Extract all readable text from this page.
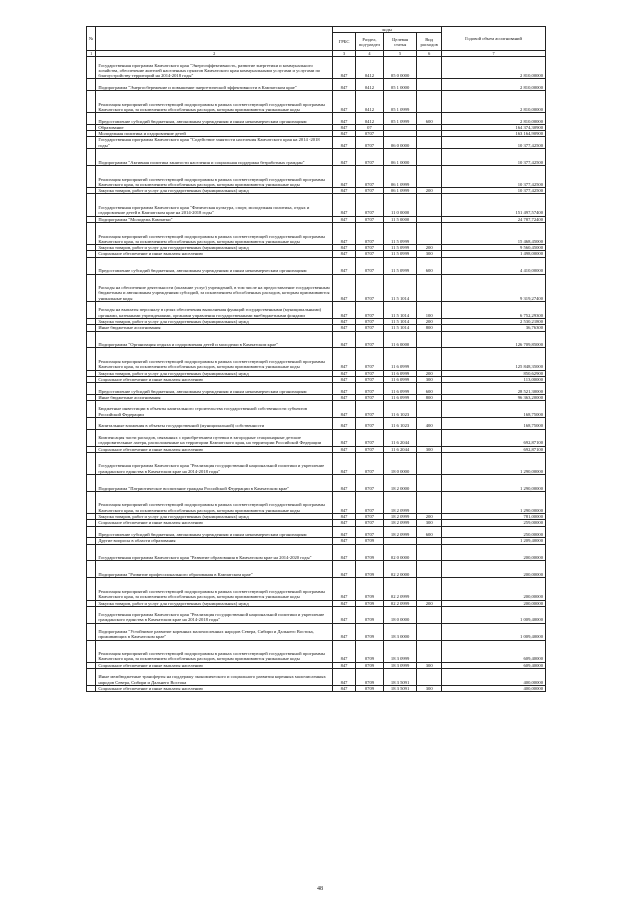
№		коды				Годовой объем ассигнований
		ГРБС	Раздел, под-раздел	Целевая статья	Вид расходов	
1	2	3	4	5	6	7
	Государственная программа Камчатского края "Энергоэффективность, развитие энергетики и коммунального хозяйства, обеспечение жителей населенных пунктов Камчатского края коммунальными услугами и услугами по благоустройству территорий на 2014-2018 годы"	847	0412	05 0 0000		2 810,00000
	Подпрограмма "Энергосбережение и повышение энергетической эффективности в Камчатском крае"	847	0412	05 1 0000		2 810,00000
	Реализация мероприятий соответствующей подпрограммы в рамках соответствующей государственной программы Камчатского края, за исключением обособленных расходов, которым присваиваются уникальные коды	847	0412	05 1 0999		2 810,00000
	Предоставление субсидий бюджетным, автономным учреждениям и иным некоммерческим организациям	847	0412	05 1 0999	600	2 810,00000
	Образование	847	07			164 374,30900
	Молодежная политика и оздоровление детей	847	0707			163 164,90900
	Государственная программа Камчатского края "Содействие занятости населения Камчатского края на 2014 -2018 годы"	847	0707	06 0 0000		10 377,42500
	Подпрограмма "Активная политика занятости населения и социальная поддержка безработных граждан"	847	0707	06 1 0000		10 377,42500
	Реализация мероприятий соответствующей подпрограммы в рамках соответствующей государственной программы Камчатского края, за исключением обособленных расходов, которым присваиваются уникальные коды	847	0707	06 1 0999		10 377,42500
	Закупка товаров, работ и услуг для государственных (муниципальных) нужд	847	0707	06 1 0999	200	10 377,42500
	Государственная программа Камчатского края "Физическая культура, спорт, молодежная политика, отдых и оздоровление детей в Камчатском крае на 2014-2018 годы"	847	0707	11 0 0000		151 497,57400
	Подпрограмма "Молодежь Камчатки"	847	0707	11 5 0000		24 787,72400
	Реализация мероприятий соответствующей подпрограммы в рамках соответствующей государственной программы Камчатского края, за исключением обособленных расходов, которым присваиваются уникальные коды	847	0707	11 5 0999		15 468,45000
	Закупка товаров, работ и услуг для государственных (муниципальных) нужд	847	0707	11 5 0999	200	9 560,45000
	Социальное обеспечение и иные выплаты населению	847	0707	11 5 0999	300	1 498,00000
	Предоставление субсидий бюджетным, автономным учреждениям и иным некоммерческим организациям	847	0707	11 5 0999	600	4 410,00000
	Расходы на обеспечение деятельности (оказание услуг) учреждений, в том числе на предоставление государственным бюджетным и автономным учреждениям субсидий, за исключением обособленных расходов, которым присваиваются уникальные коды	847	0707	11 5 1014		9 319,27400
	Расходы на выплаты персоналу в целях обеспечения выполнения функций государственными (муниципальными) органами, казенными учреждениями, органами управления государственными внебюджетными фондами	847	0707	11 5 1014	100	6 752,29300
	Закупка товаров, работ и услуг для государственных (муниципальных) нужд	847	0707	11 5 1014	200	2 530,21800
	Иные бюджетные ассигнования	847	0707	11 5 1014	800	36,76300
	Подпрограмма "Организация отдыха и оздоровления детей и молодежи в Камчатском крае"	847	0707	11 6 0000		126 709,85000
	Реализация мероприятий соответствующей подпрограммы в рамках соответствующей государственной программы Камчатского края, за исключением обособленных расходов, которым присваиваются уникальные коды	847	0707	11 6 0999		125 848,35000
	Закупка товаров, работ и услуг для государственных (муниципальных) нужд	847	0707	11 6 0999	200	850,62900
	Социальное обеспечение и иные выплаты населению	847	0707	11 6 0999	300	113,00000
	Предоставление субсидий бюджетным, автономным учреждениям и иным некоммерческим организациям	847	0707	11 6 0999	600	28 521,30000
	Иные бюджетные ассигнования	847	0707	11 6 0999	800	96 363,20000
	Бюджетные инвестиции в объекты капитального строительства государственной собственности субъектов Российской Федерации	847	0707	11 6 1023		168,75000
	Капитальные вложения в объекты государственной (муниципальной) собственности	847	0707	11 6 1023	400	168,75000
	Компенсация части расходов, связанных с приобретением путевки в загородные стационарные детские оздоровительные лагеря, расположенные на территории Камчатского края, на территории Российской Федерации	847	0707	11 6 2044		692,87100
	Социальное обеспечение и иные выплаты населению	847	0707	11 6 2044	300	692,87100
	Государственная программа Камчатского края "Реализация государственной национальной политики и укрепление гражданского единства в Камчатском крае на 2014-2018 годы"	847	0707	18 0 0000		1 290,00000
	Подпрограмма "Патриотическое воспитание граждан Российской Федерации в Камчатском крае"	847	0707	18 2 0000		1 290,00000
	Реализация мероприятий соответствующей подпрограммы в рамках соответствующей государственной программы Камчатского края, за исключением обособленных расходов, которым присваиваются уникальные коды	847	0707	18 2 0999		1 290,00000
	Закупка товаров, работ и услуг для государственных (муниципальных) нужд	847	0707	18 2 0999	200	781,00000
	Социальное обеспечение и иные выплаты населению	847	0707	18 2 0999	300	259,00000
	Предоставление субсидий бюджетным, автономным учреждениям и иным некоммерческим организациям	847	0707	18 2 0999	600	250,00000
	Другие вопросы в области образования	847	0709			1 209,40000
	Государственная программа Камчатского края "Развитие образования в Камчатском крае на 2014-2020 годы"	847	0709	02 0 0000		200,00000
	Подпрограмма "Развитие профессионального образования в Камчатском крае"	847	0709	02 2 0000		200,00000
	Реализация мероприятий соответствующей подпрограммы в рамках соответствующей государственной программы Камчатского края, за исключением обособленных расходов, которым присваиваются уникальные коды	847	0709	02 2 0999		200,00000
	Закупка товаров, работ и услуг для государственных (муниципальных) нужд	847	0709	02 2 0999	200	200,00000
	Государственная программа Камчатского края "Реализация государственной национальной политики и укрепление гражданского единства в Камчатском крае на 2014-2018 годы"	847	0709	18 0 0000		1 009,40000
	Подпрограмма "Устойчивое развитие коренных малочисленных народов Севера, Сибири и Дальнего Востока, проживающих в Камчатском крае"	847	0709	18 3 0000		1 009,40000
	Реализация мероприятий соответствующей подпрограммы в рамках соответствующей государственной программы Камчатского края, за исключением обособленных расходов, которым присваиваются уникальные коды	847	0709	18 3 0999		609,40000
	Социальное обеспечение и иные выплаты населению	847	0709	18 3 0999	300	609,40000
	Иные межбюджетные трансферты на поддержку экономического и социального развития коренных малочисленных народов Севера, Сибири и Дальнего Востока	847	0709	18 3 5091		400,00000
	Социальное обеспечение и иные выплаты населению	847	0709	18 3 5091	300	400,00000
48
